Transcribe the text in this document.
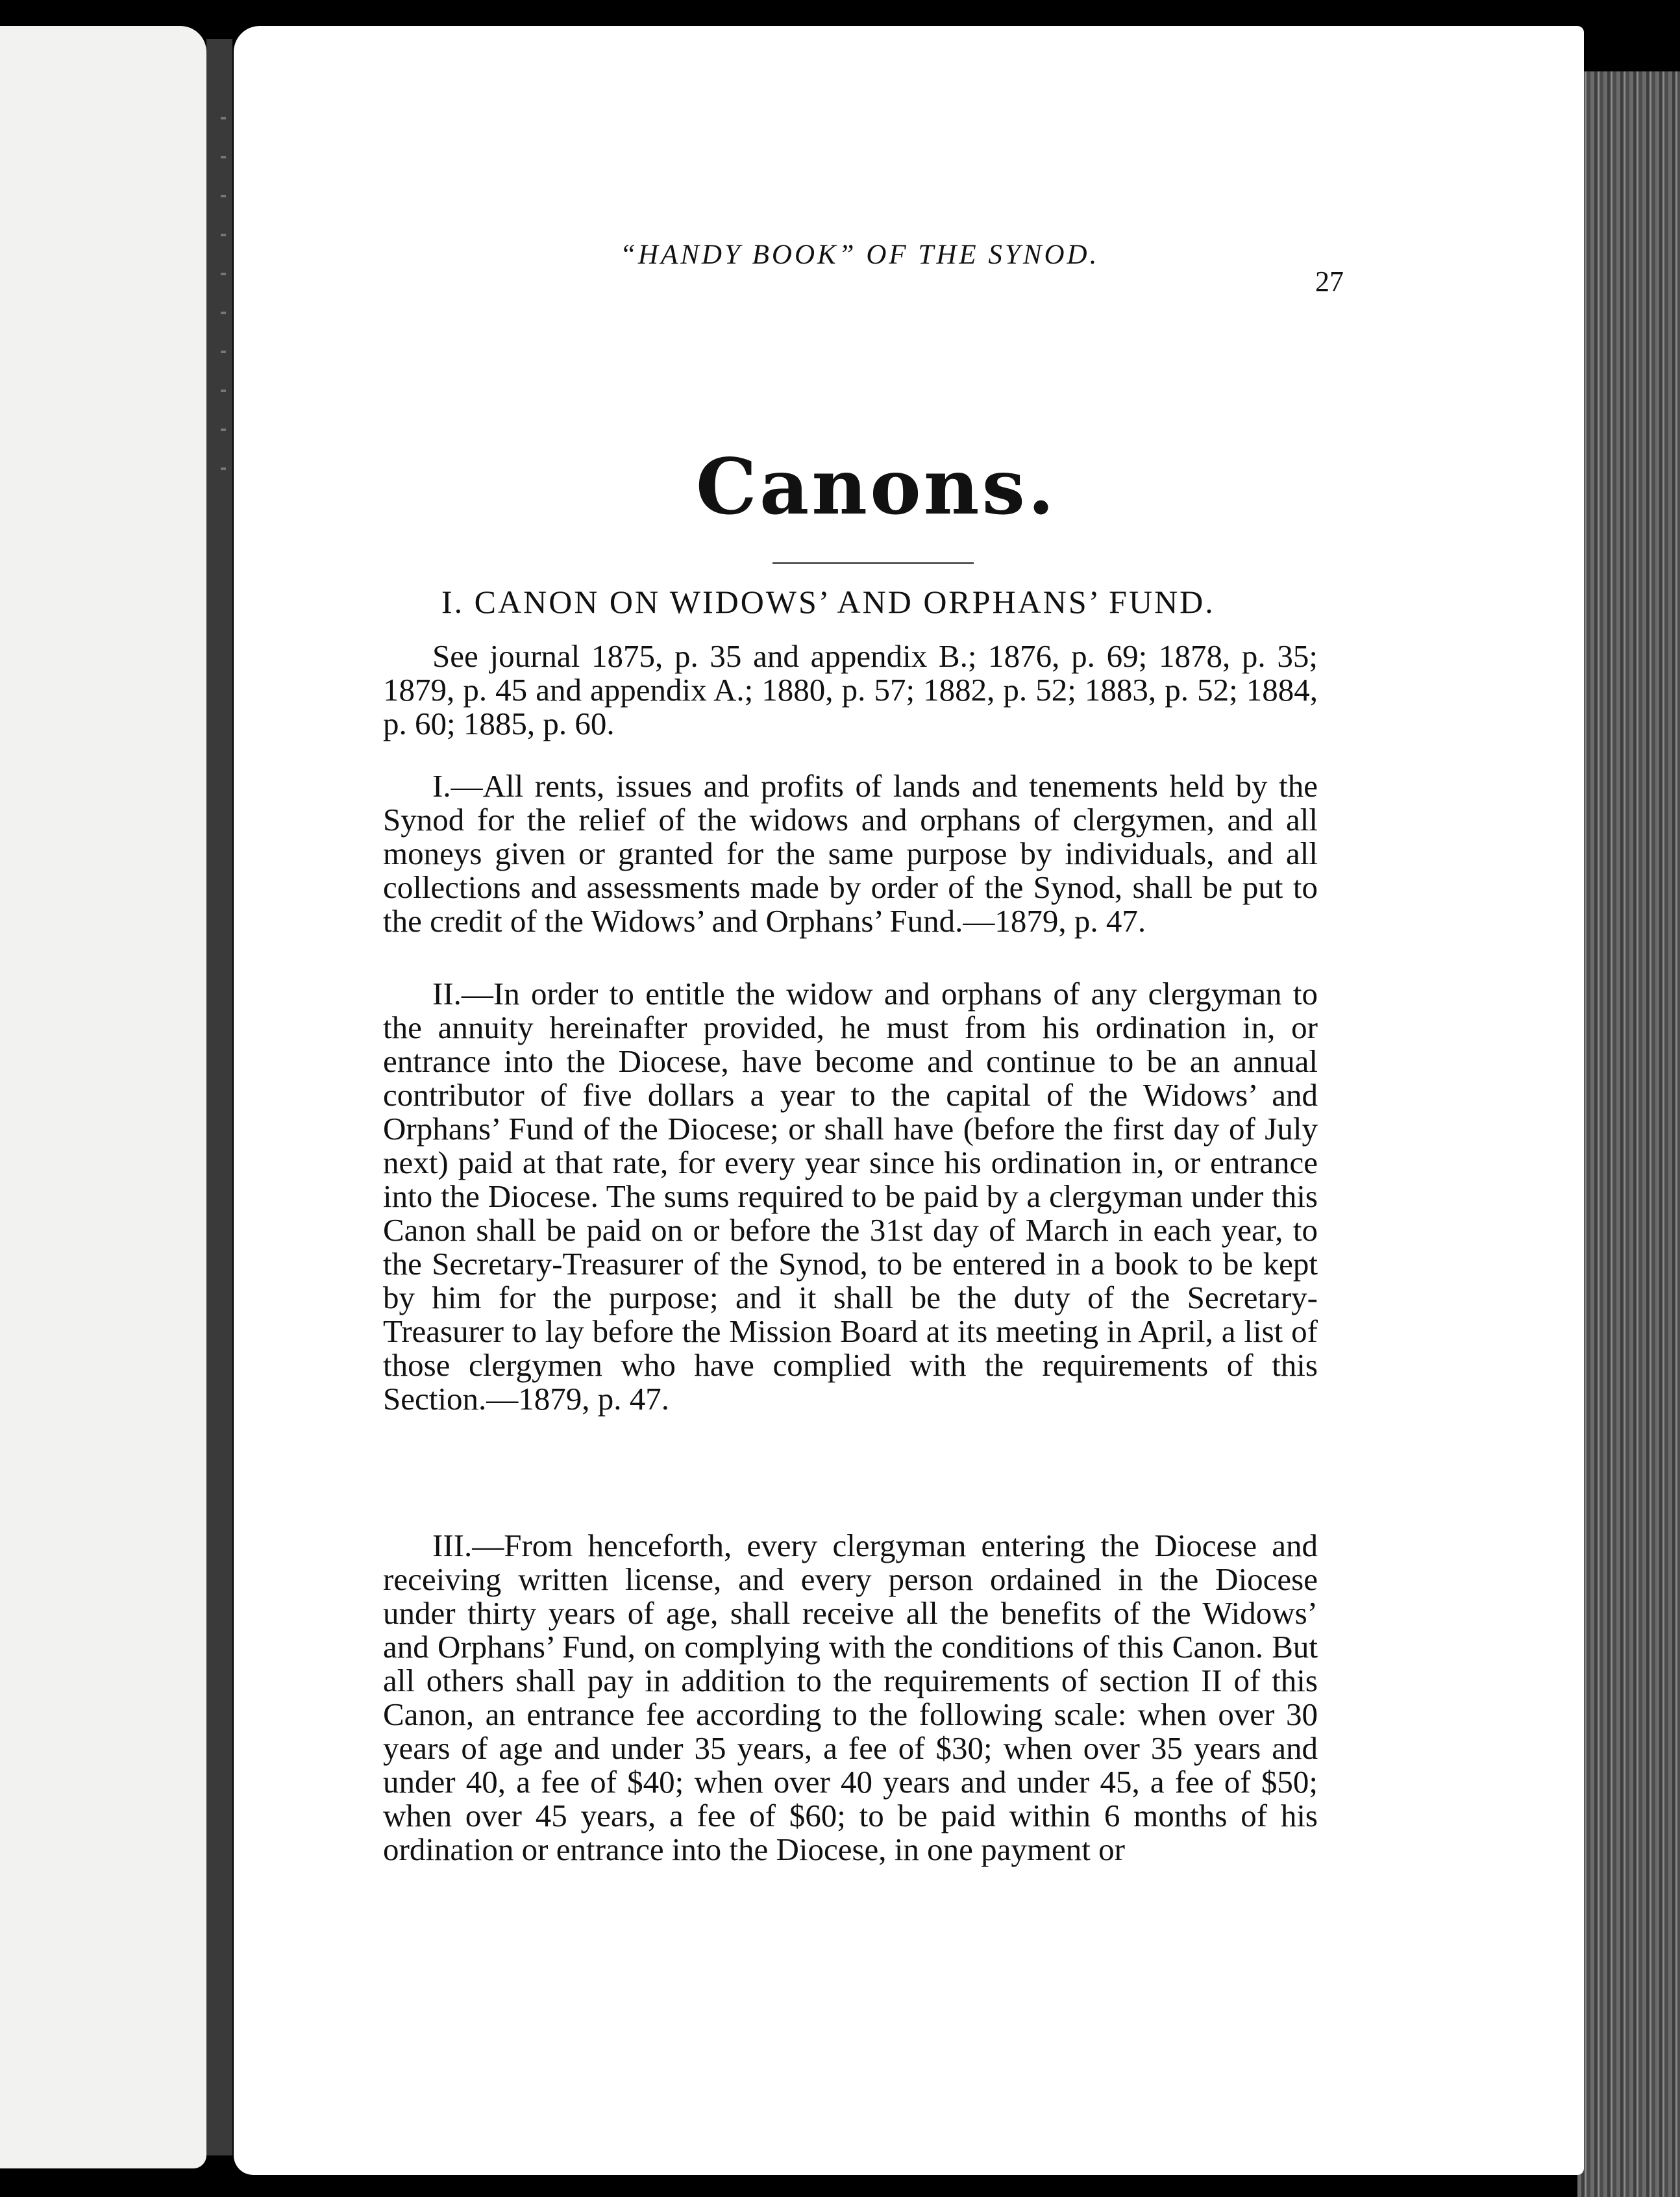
“HANDY BOOK” OF THE SYNOD.
27
Canons.
I. CANON ON WIDOWS’ AND ORPHANS’ FUND.
See journal 1875, p. 35 and appendix B.; 1876, p. 69; 1878, p. 35; 1879, p. 45 and appendix A.; 1880, p. 57; 1882, p. 52; 1883, p. 52; 1884, p. 60; 1885, p. 60.
I.—All rents, issues and profits of lands and tenements held by the Synod for the relief of the widows and orphans of clergymen, and all moneys given or granted for the same purpose by individuals, and all collections and assessments made by order of the Synod, shall be put to the credit of the Widows’ and Orphans’ Fund.—1879, p. 47.
II.—In order to entitle the widow and orphans of any clergyman to the annuity hereinafter provided, he must from his ordination in, or entrance into the Diocese, have become and continue to be an annual contributor of five dollars a year to the capital of the Widows’ and Orphans’ Fund of the Diocese; or shall have (before the first day of July next) paid at that rate, for every year since his ordination in, or entrance into the Diocese. The sums required to be paid by a clergyman under this Canon shall be paid on or before the 31st day of March in each year, to the Secretary-Treasurer of the Synod, to be entered in a book to be kept by him for the purpose; and it shall be the duty of the Secretary-Treasurer to lay before the Mission Board at its meeting in April, a list of those clergymen who have complied with the requirements of this Section.—1879, p. 47.
III.—From henceforth, every clergyman entering the Diocese and receiving written license, and every person ordained in the Diocese under thirty years of age, shall receive all the benefits of the Widows’ and Orphans’ Fund, on complying with the conditions of this Canon. But all others shall pay in addition to the requirements of section II of this Canon, an entrance fee according to the following scale: when over 30 years of age and under 35 years, a fee of $30; when over 35 years and under 40, a fee of $40; when over 40 years and under 45, a fee of $50; when over 45 years, a fee of $60; to be paid within 6 months of his ordination or entrance into the Diocese, in one payment or
